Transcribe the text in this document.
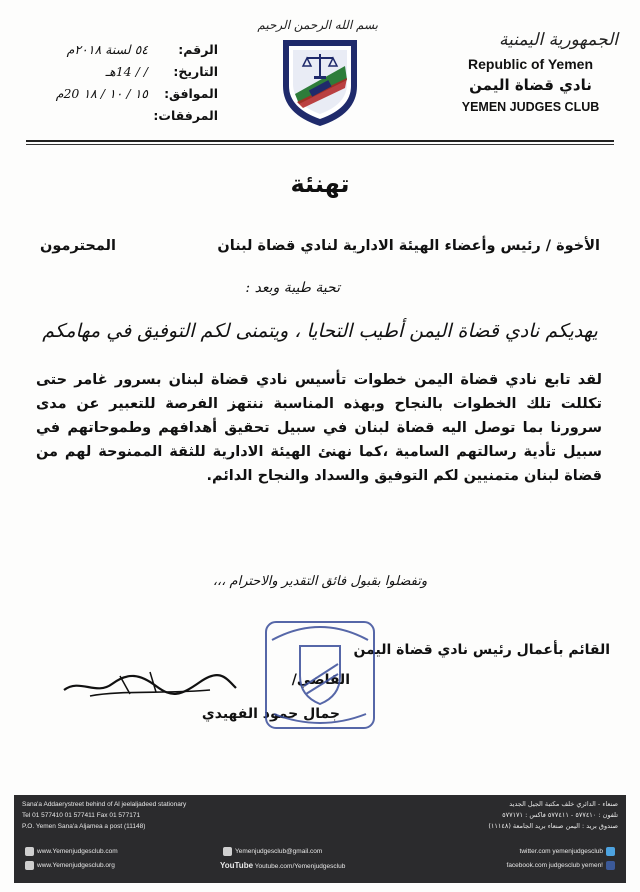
الجمهورية اليمنية
Republic of Yemen
نادي قضاة اليمن
YEMEN JUDGES CLUB
بسم الله الرحمن الرحيم
الرقم:
٥٤ لسنة ٢٠١٨م
التاريخ:
/ / 14هـ
الموافق:
١٥ / ١٠ / ١٨ 20م
المرفقات:
تهنئة
الأخوة / رئيس وأعضاء الهيئة الادارية لنادي قضاة لبنان
المحترمون
تحية طيبة وبعد :
يهديكم نادي قضاة اليمن أطيب التحايا ، ويتمنى لكم التوفيق في مهامكم
لقد تابع نادي قضاة اليمن خطوات تأسيس نادي قضاة لبنان بسرور غامر حتى تكللت تلك الخطوات بالنجاح وبهذه المناسبة ننتهز الفرصة للتعبير عن مدى سرورنا بما توصل اليه قضاة لبنان في سبيل تحقيق أهدافهم وطموحاتهم في سبيل تأدية رسالتهم السامية ،كما نهنئ الهيئة الادارية للثقة الممنوحة لهم من قضاة لبنان متمنيين لكم التوفيق والسداد والنجاح الدائم.
وتفضلوا بقبول فائق التقدير والاحترام ،،،
القائم بأعمال رئيس نادي قضاة اليمن
القاضي/
جمال حمود الفهيدي
Sana'a Addaerystreet behind of Al jeelaljadeed stationary
Tel 01 577410 01 577411 Fax 01 577171
P.O. Yemen Sana'a Aljamea a post (11148)
صنعاء - الدائري خلف مكتبة الجيل الجديد
تلفون : ٥٧٧٤١٠ - ٥٧٧٤١١ فاكس : ٥٧٧١٧١
صندوق بريد : اليمن صنعاء بريد الجامعة (١١١٤٨)
www.Yemenjudgesclub.com
www.Yemenjudgesclub.org
Yemenjudgesclub@gmail.com
YouTube Youtube.com/Yemenjudgesclub
twitter.com yemenjudgesclub
facebook.com judgesclub yemen!
